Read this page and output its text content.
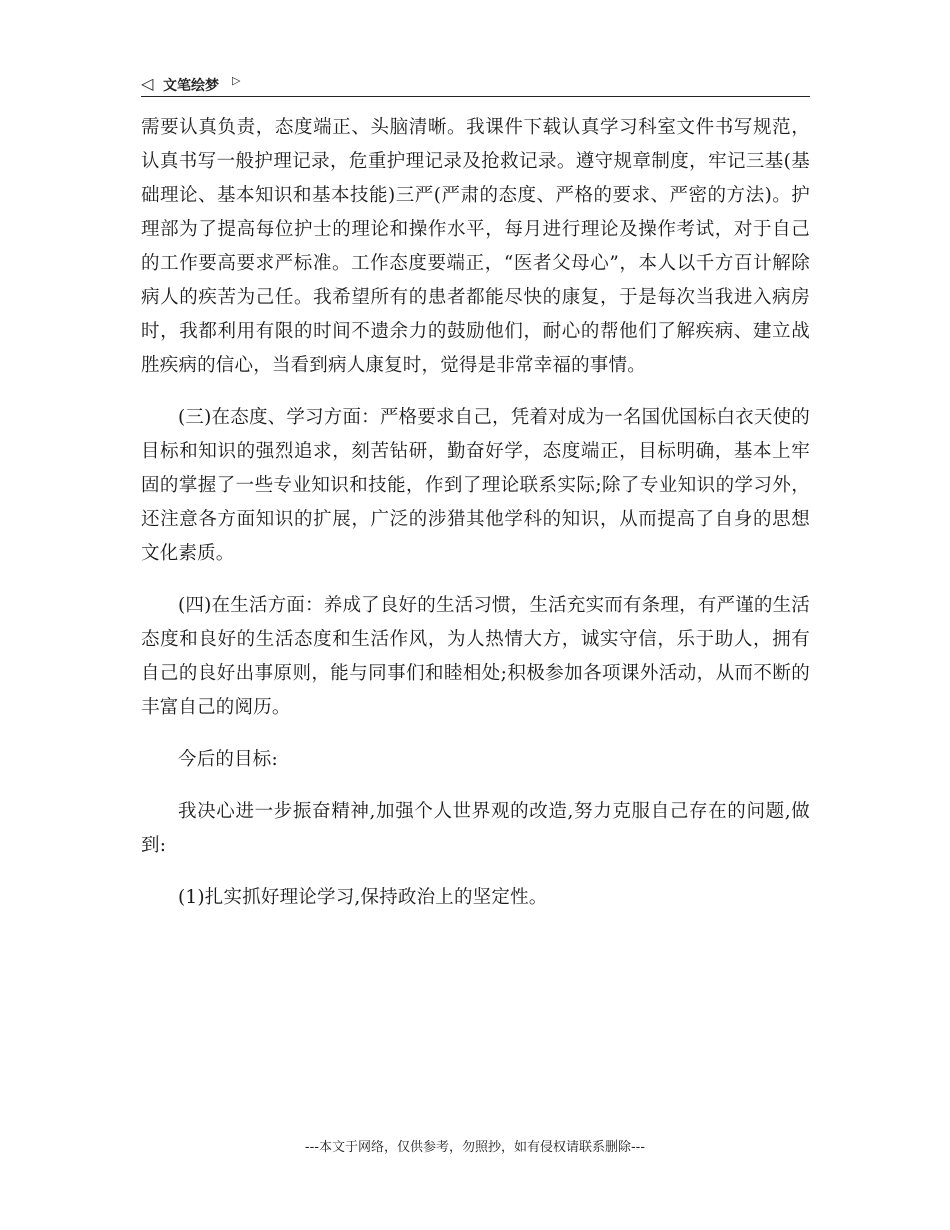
◁ 文笔绘梦 ▷

需要认真负责，态度端正、头脑清晰。我课件下载认真学习科室文件书写规范，认真书写一般护理记录，危重护理记录及抢救记录。遵守规章制度，牢记三基(基础理论、基本知识和基本技能)三严(严肃的态度、严格的要求、严密的方法)。护理部为了提高每位护士的理论和操作水平，每月进行理论及操作考试，对于自己的工作要高要求严标准。工作态度要端正，“医者父母心”，本人以千方百计解除病人的疾苦为己任。我希望所有的患者都能尽快的康复，于是每次当我进入病房时，我都利用有限的时间不遗余力的鼓励他们，耐心的帮他们了解疾病、建立战胜疾病的信心，当看到病人康复时，觉得是非常幸福的事情。

(三)在态度、学习方面：严格要求自己，凭着对成为一名国优国标白衣天使的目标和知识的强烈追求，刻苦钻研，勤奋好学，态度端正，目标明确，基本上牢固的掌握了一些专业知识和技能，作到了理论联系实际;除了专业知识的学习外，还注意各方面知识的扩展，广泛的涉猎其他学科的知识，从而提高了自身的思想文化素质。

(四)在生活方面：养成了良好的生活习惯，生活充实而有条理，有严谨的生活态度和良好的生活态度和生活作风，为人热情大方，诚实守信，乐于助人，拥有自己的良好出事原则，能与同事们和睦相处;积极参加各项课外活动，从而不断的丰富自己的阅历。

今后的目标:

我决心进一步振奋精神,加强个人世界观的改造,努力克服自己存在的问题,做到:

(1)扎实抓好理论学习,保持政治上的坚定性。

---本文于网络，仅供参考，勿照抄，如有侵权请联系删除---
